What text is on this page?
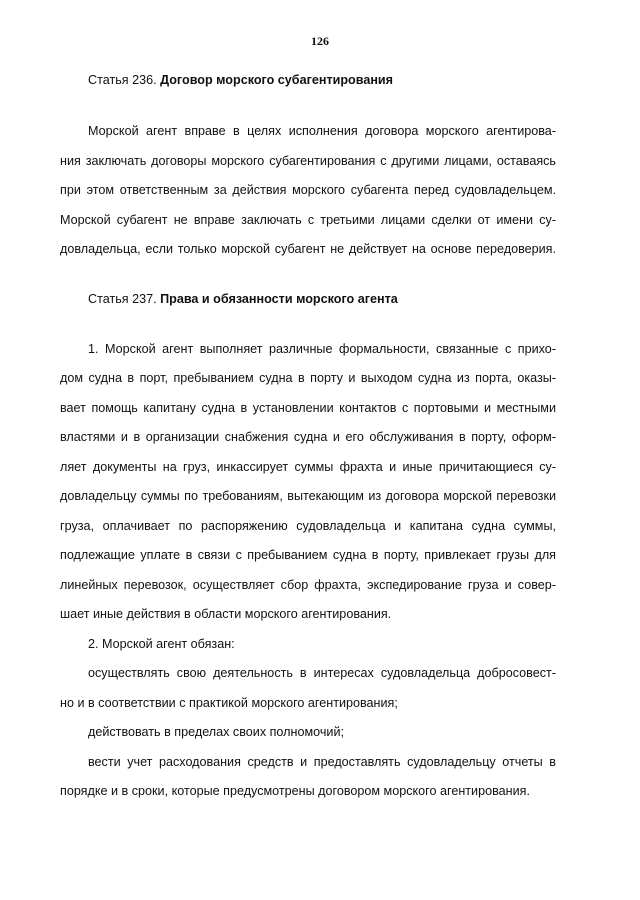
126
Статья 236. Договор морского субагентирования
Морской агент вправе в целях исполнения договора морского агентирова-
ния заключать договоры морского субагентирования с другими лицами, оставаясь
при этом ответственным за действия морского субагента перед судовладельцем.
Морской субагент не вправе заключать с третьими лицами сделки от имени су-
довладельца, если только морской субагент не действует на основе передоверия.
Статья 237. Права и обязанности морского агента
1. Морской агент выполняет различные формальности, связанные с прихо-
дом судна в порт, пребыванием судна в порту и выходом судна из порта, оказы-
вает помощь капитану судна в установлении контактов с портовыми и местными
властями и в организации снабжения судна и его обслуживания в порту, оформ-
ляет документы на груз, инкассирует суммы фрахта и иные причитающиеся су-
довладельцу суммы по требованиям, вытекающим из договора морской перевозки
груза, оплачивает по распоряжению судовладельца и капитана судна суммы,
подлежащие уплате в связи с пребыванием судна в порту, привлекает грузы для
линейных перевозок, осуществляет сбор фрахта, экспедирование груза и совер-
шает иные действия в области морского агентирования.
2. Морской агент обязан:
осуществлять свою деятельность в интересах судовладельца добросовест-
но и в соответствии с практикой морского агентирования;
действовать в пределах своих полномочий;
вести учет расходования средств и предоставлять судовладельцу отчеты в
порядке и в сроки, которые предусмотрены договором морского агентирования.
